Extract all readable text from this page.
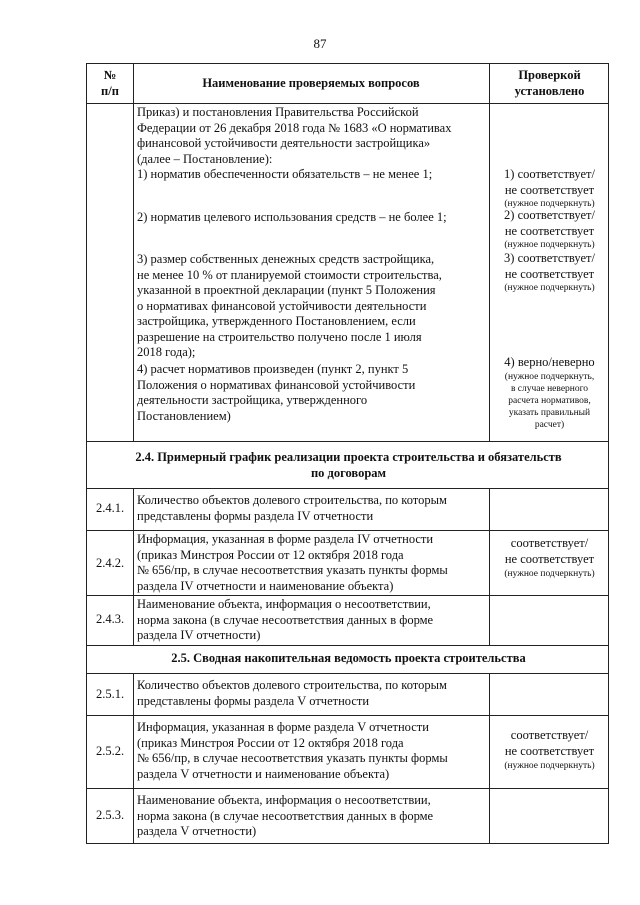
87
№
п/п
Наименование проверяемых вопросов
Проверкой
установлено
Приказ) и постановления Правительства Российской
Федерации от 26 декабря 2018 года № 1683 «О нормативах
финансовой устойчивости деятельности застройщика»
(далее – Постановление):
1) норматив обеспеченности обязательств – не менее 1;	1) соответствует/
не соответствует
(нужное подчеркнуть)
2) норматив целевого использования средств – не более 1;	2) соответствует/
не соответствует
(нужное подчеркнуть)
3) размер собственных денежных средств застройщика,
не менее 10 % от планируемой стоимости строительства,
указанной в проектной декларации (пункт 5 Положения
о нормативах финансовой устойчивости деятельности
застройщика, утвержденного Постановлением, если
разрешение на строительство получено после 1 июля
2018 года);
3) соответствует/
не соответствует
(нужное подчеркнуть)
4) расчет нормативов произведен (пункт 2, пункт 5
Положения о нормативах финансовой устойчивости
деятельности застройщика, утвержденного
Постановлением)
4) верно/неверно
(нужное подчеркнуть,
в случае неверного
расчета нормативов,
указать правильный
расчет)
2.4. Примерный график реализации проекта строительства и обязательств
по договорам
2.4.1.
Количество объектов долевого строительства, по которым
представлены формы раздела IV отчетности
2.4.2.
Информация, указанная в форме раздела IV отчетности
(приказ Минстроя России от 12 октября 2018 года
№ 656/пр, в случае несоответствия указать пункты формы
раздела IV отчетности и наименование объекта)
соответствует/
не соответствует
(нужное подчеркнуть)
2.4.3.
Наименование объекта, информация о несоответствии,
норма закона (в случае несоответствия данных в форме
раздела IV отчетности)
2.5. Сводная накопительная ведомость проекта строительства
2.5.1.
Количество объектов долевого строительства, по которым
представлены формы раздела V отчетности
2.5.2.
Информация, указанная в форме раздела V отчетности
(приказ Минстроя России от 12 октября 2018 года
№ 656/пр, в случае несоответствия указать пункты формы
раздела V отчетности и наименование объекта)
соответствует/
не соответствует
(нужное подчеркнуть)
2.5.3.
Наименование объекта, информация о несоответствии,
норма закона (в случае несоответствия данных в форме
раздела V отчетности)
